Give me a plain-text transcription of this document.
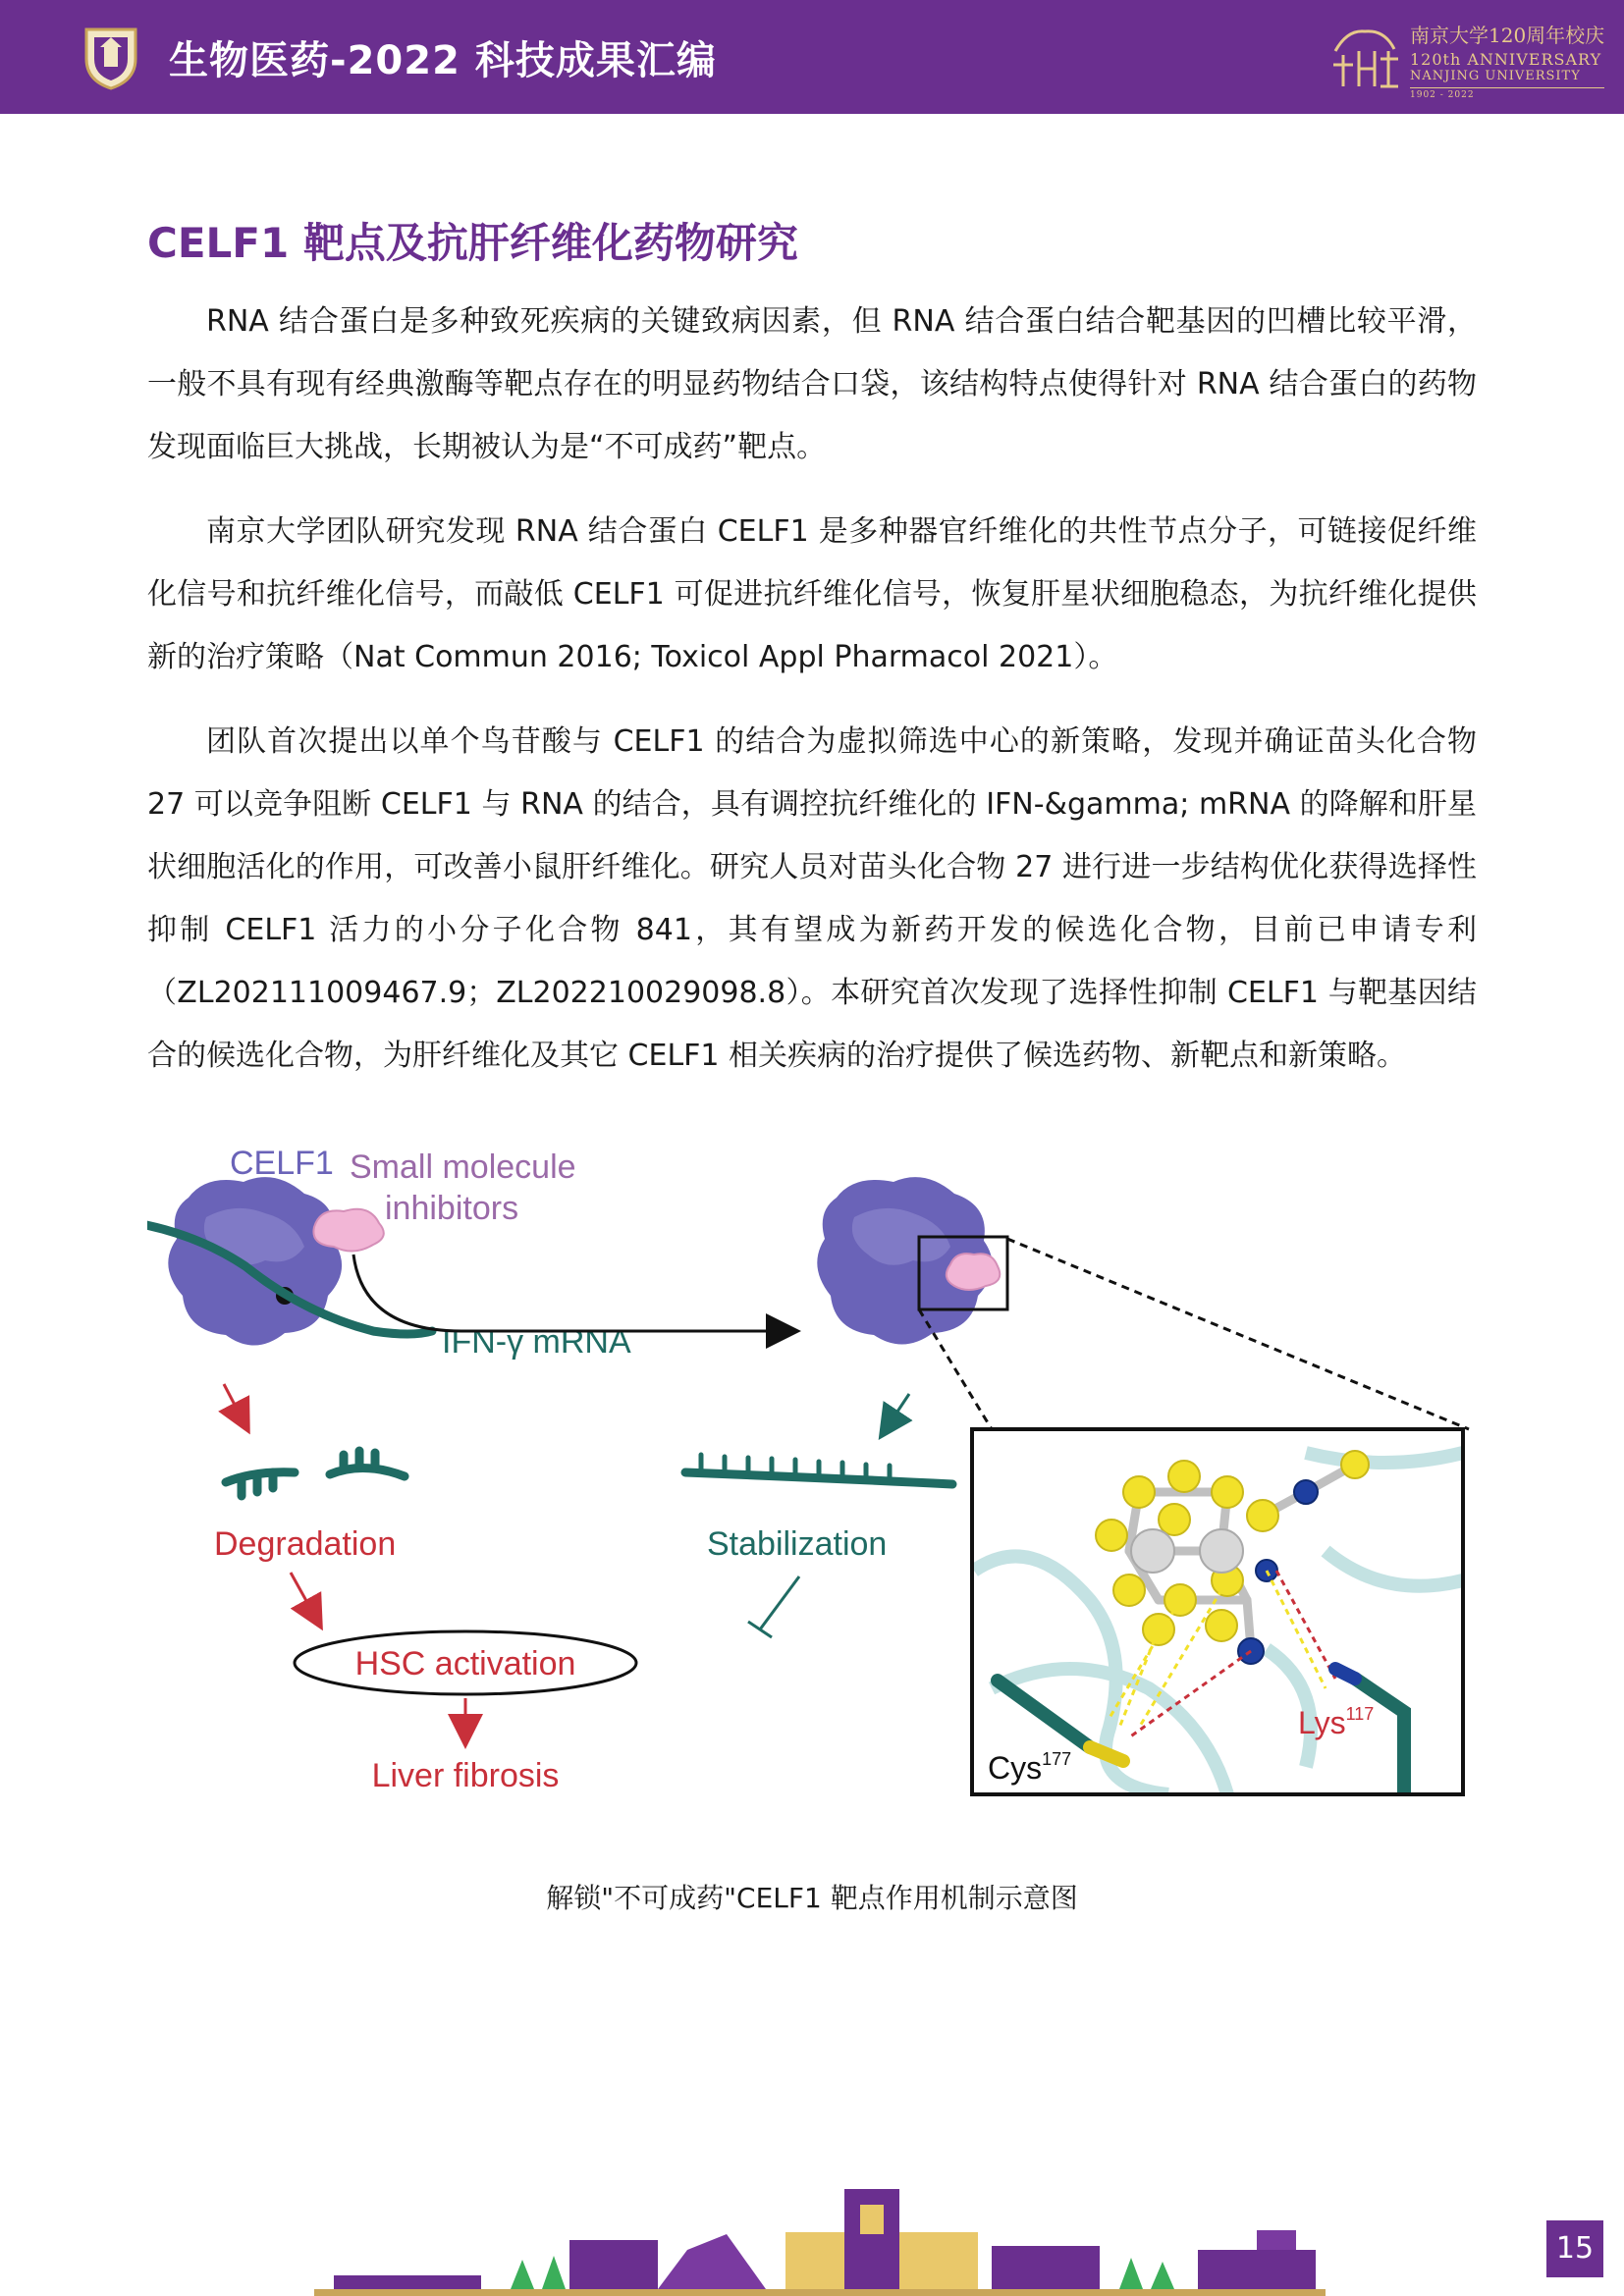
生物医药-2022 科技成果汇编
南京大学120周年校庆
120th ANNIVERSARY
NANJING UNIVERSITY
1902 - 2022
CELF1 靶点及抗肝纤维化药物研究

RNA 结合蛋白是多种致死疾病的关键致病因素，但 RNA 结合蛋白结合靶基因的凹槽比较平滑，一般不具有现有经典激酶等靶点存在的明显药物结合口袋，该结构特点使得针对 RNA 结合蛋白的药物发现面临巨大挑战，长期被认为是“不可成药”靶点。

南京大学团队研究发现 RNA 结合蛋白 CELF1 是多种器官纤维化的共性节点分子，可链接促纤维化信号和抗纤维化信号，而敲低 CELF1 可促进抗纤维化信号，恢复肝星状细胞稳态，为抗纤维化提供新的治疗策略（Nat Commun 2016; Toxicol Appl Pharmacol 2021）。

团队首次提出以单个鸟苷酸与 CELF1 的结合为虚拟筛选中心的新策略，发现并确证苗头化合物 27 可以竞争阻断 CELF1 与 RNA 的结合，具有调控抗纤维化的 IFN-&gamma; mRNA 的降解和肝星状细胞活化的作用，可改善小鼠肝纤维化。研究人员对苗头化合物 27 进行进一步结构优化获得选择性抑制 CELF1 活力的小分子化合物 841，其有望成为新药开发的候选化合物，目前已申请专利（ZL202111009467.9；ZL202210029098.8）。本研究首次发现了选择性抑制 CELF1 与靶基因结合的候选化合物，为肝纤维化及其它 CELF1 相关疾病的治疗提供了候选药物、新靶点和新策略。

CELF1
IFN-γ mRNA
Small molecule
inhibitors
Degradation	Stabilization
HSC activation
Liver fibrosis	Cys$^{177}$
Lys$^{117}$
解锁"不可成药"CELF1 靶点作用机制示意图
15
